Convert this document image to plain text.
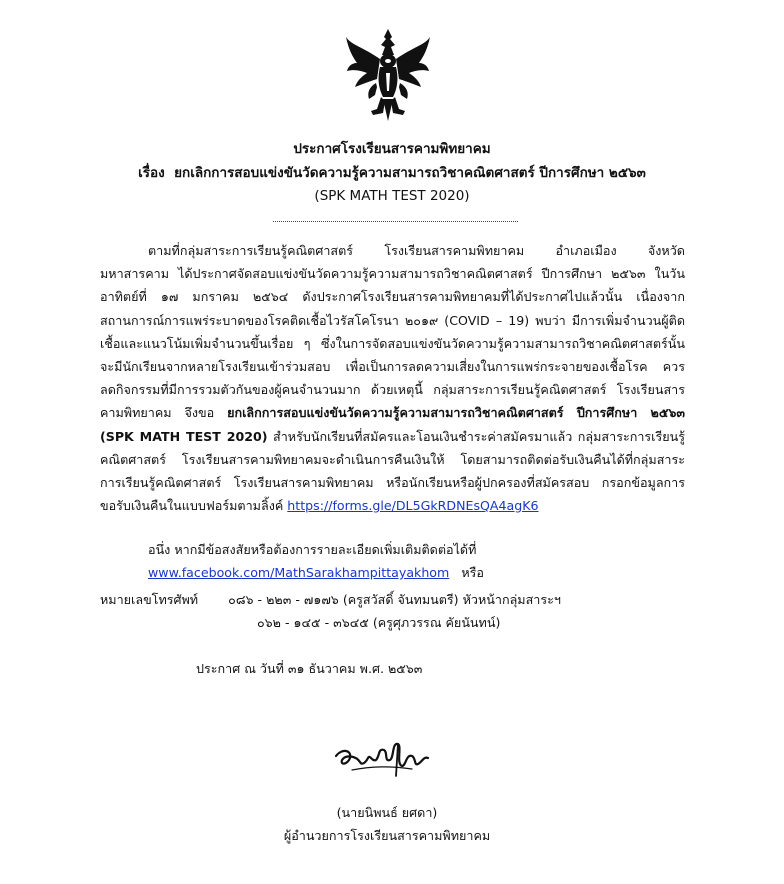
ประกาศโรงเรียนสารคามพิทยาคม
เรื่อง ยกเลิกการสอบแข่งขันวัดความรู้ความสามารถวิชาคณิตศาสตร์ ปีการศึกษา ๒๕๖๓
(SPK MATH TEST 2020)
ตามที่กลุ่มสาระการเรียนรู้คณิตศาสตร์ โรงเรียนสารคามพิทยาคม อำเภอเมือง จังหวัด
มหาสารคาม ได้ประกาศจัดสอบแข่งขันวัดความรู้ความสามารถวิชาคณิตศาสตร์ ปีการศึกษา ๒๕๖๓ ในวัน
อาทิตย์ที่ ๑๗ มกราคม ๒๕๖๔ ดังประกาศโรงเรียนสารคามพิทยาคมที่ได้ประกาศไปแล้วนั้น เนื่องจาก
สถานการณ์การแพร่ระบาดของโรคติดเชื้อไวรัสโคโรนา ๒๐๑๙ (COVID – 19) พบว่า มีการเพิ่มจำนวนผู้ติด
เชื้อและแนวโน้มเพิ่มจำนวนขึ้นเรื่อย ๆ ซึ่งในการจัดสอบแข่งขันวัดความรู้ความสามารถวิชาคณิตศาสตร์นั้น
จะมีนักเรียนจากหลายโรงเรียนเข้าร่วมสอบ เพื่อเป็นการลดความเสี่ยงในการแพร่กระจายของเชื้อโรค ควร
ลดกิจกรรมที่มีการรวมตัวกันของผู้คนจำนวนมาก ด้วยเหตุนี้ กลุ่มสาระการเรียนรู้คณิตศาสตร์ โรงเรียนสาร
คามพิทยาคม จึงขอ ยกเลิกการสอบแข่งขันวัดความรู้ความสามารถวิชาคณิตศาสตร์ ปีการศึกษา ๒๕๖๓
(SPK MATH TEST 2020) สำหรับนักเรียนที่สมัครและโอนเงินชำระค่าสมัครมาแล้ว กลุ่มสาระการเรียนรู้
คณิตศาสตร์ โรงเรียนสารคามพิทยาคมจะดำเนินการคืนเงินให้ โดยสามารถติดต่อรับเงินคืนได้ที่กลุ่มสาระ
การเรียนรู้คณิตศาสตร์ โรงเรียนสารคามพิทยาคม หรือนักเรียนหรือผู้ปกครองที่สมัครสอบ กรอกข้อมูลการ
ขอรับเงินคืนในแบบฟอร์มตามลิ้งค์ https://forms.gle/DL5GkRDNEsQA4agK6
อนึ่ง หากมีข้อสงสัยหรือต้องการรายละเอียดเพิ่มเติมติดต่อได้ที่
www.facebook.com/MathSarakhampittayakhom หรือ
หมายเลขโทรศัพท์ ๐๘๖ - ๒๒๓ - ๗๑๗๖ (ครูสวัสดิ์ จันทมนตรี) หัวหน้ากลุ่มสาระฯ
๐๖๒ - ๑๔๕ - ๓๖๔๕ (ครูศุภวรรณ คัยนันทน์)
ประกาศ ณ วันที่ ๓๑ ธันวาคม พ.ศ. ๒๕๖๓
(นายนิพนธ์ ยศดา)
ผู้อำนวยการโรงเรียนสารคามพิทยาคม
